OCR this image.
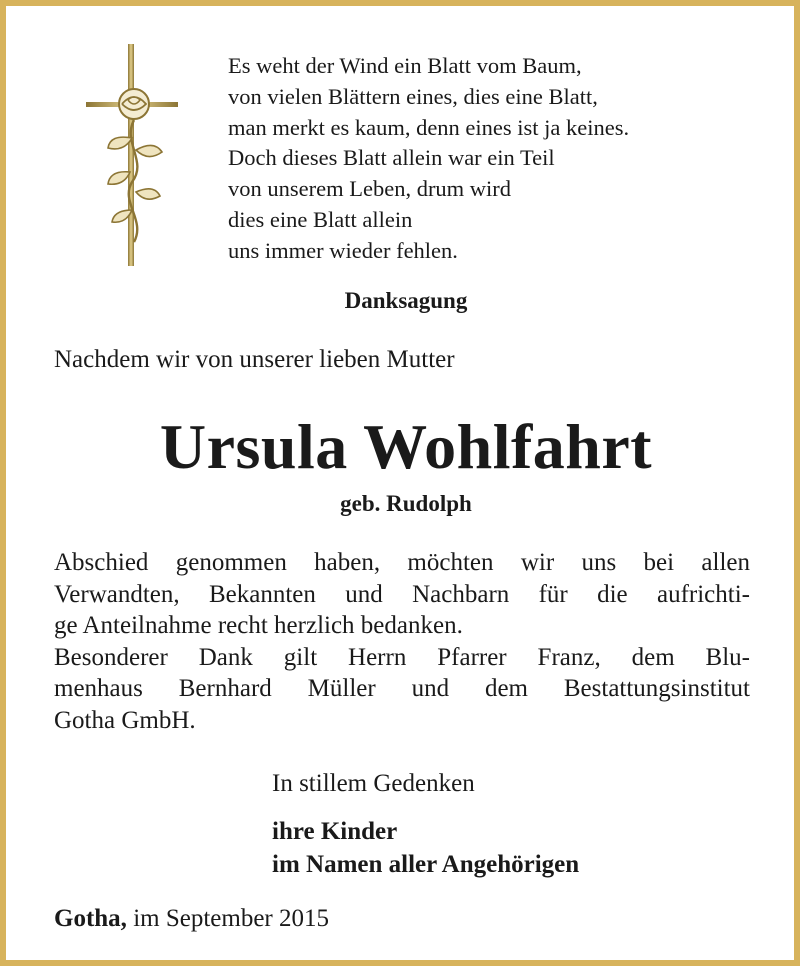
Es weht der Wind ein Blatt vom Baum,
von vielen Blättern eines, dies eine Blatt,
man merkt es kaum, denn eines ist ja keines.
Doch dieses Blatt allein war ein Teil
von unserem Leben, drum wird
dies eine Blatt allein
uns immer wieder fehlen.
Danksagung
Nachdem wir von unserer lieben Mutter
Ursula Wohlfahrt
geb. Rudolph
Abschied genommen haben, möchten wir uns bei allen
Verwandten, Bekannten und Nachbarn für die aufrichti-
ge Anteilnahme recht herzlich bedanken.
Besonderer Dank gilt Herrn Pfarrer Franz, dem Blu-
menhaus Bernhard Müller und dem Bestattungsinstitut
Gotha GmbH.
In stillem Gedenken
ihre Kinder
im Namen aller Angehörigen
Gotha, im September 2015
